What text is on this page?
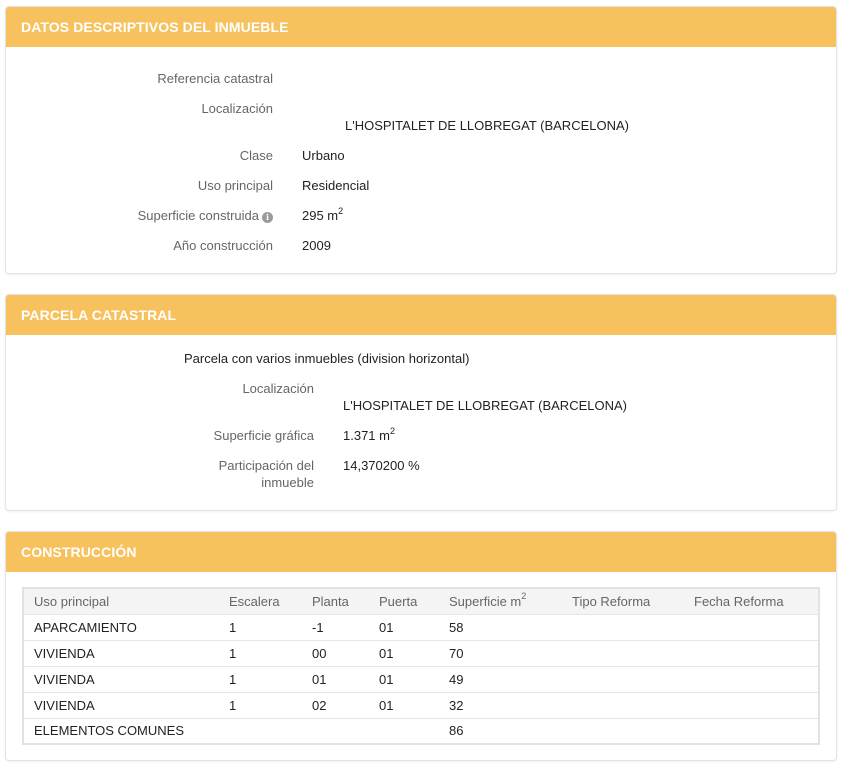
DATOS DESCRIPTIVOS DEL INMUEBLE
Referencia catastral
Localización
L'HOSPITALET DE LLOBREGAT (BARCELONA)
Clase Urbano
Uso principal Residencial
Superficie construida i	295 $m^2$
Año construcción 2009
PARCELA CATASTRAL
Parcela con varios inmuebles (division horizontal)
Localización
L'HOSPITALET DE LLOBREGAT (BARCELONA)
Superficie gráfica 1.371 $m^2$
Participación del
inmueble
14,370200 %
CONSTRUCCIÓN
Uso principal	Escalera	Planta	Puerta	Superficie $m^2$	Tipo Reforma	Fecha Reforma
APARCAMIENTO	1	-1	01	58		
VIVIENDA	1	00	01	70		
VIVIENDA	1	01	01	49		
VIVIENDA	1	02	01	32		
ELEMENTOS COMUNES				86		
